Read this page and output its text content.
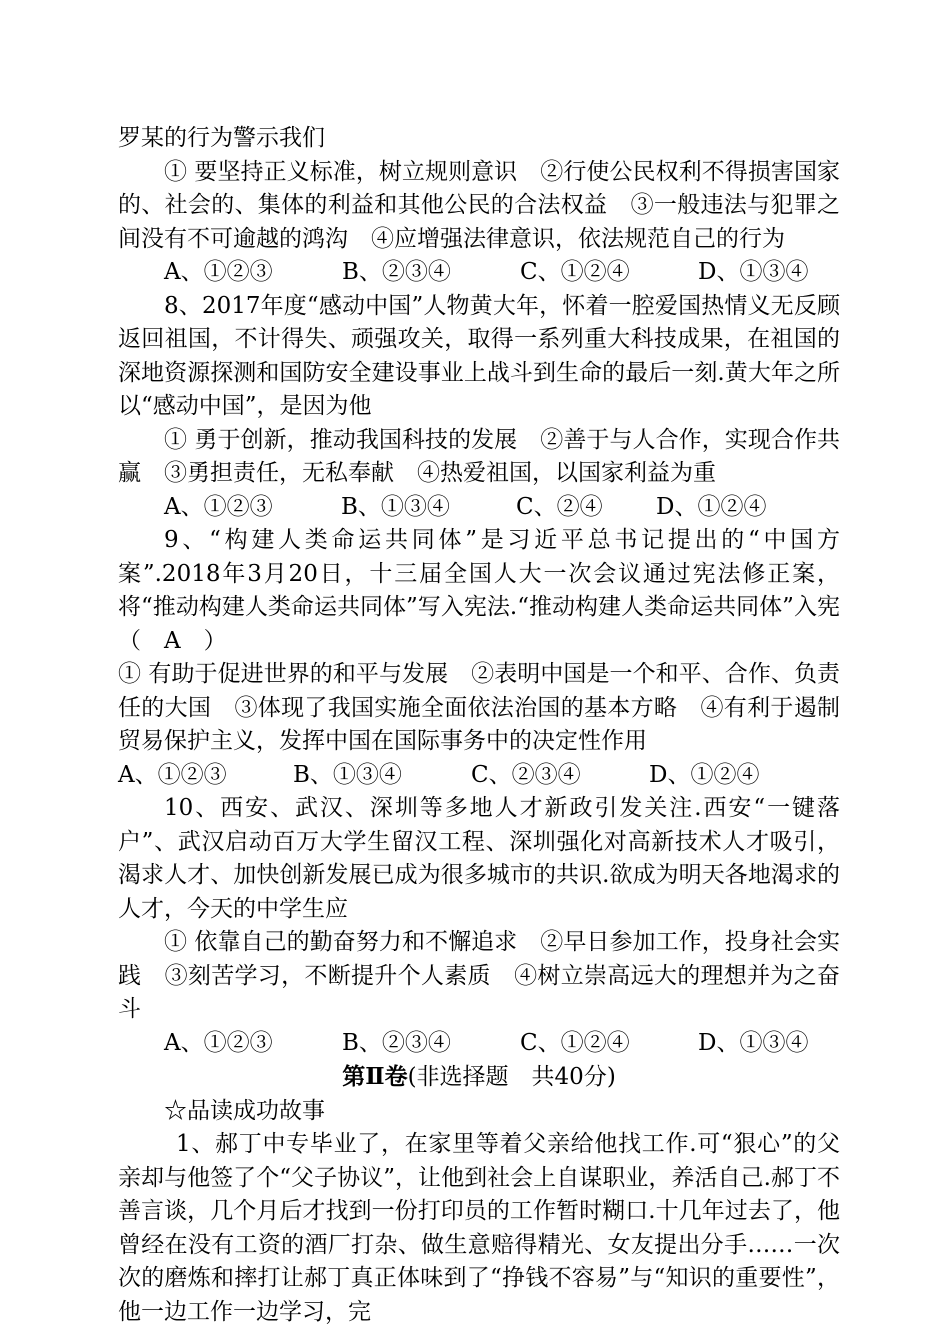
罗某的行为警示我们

① 要坚持正义标准，树立规则意识　②行使公民权利不得损害国家的、社会的、集体的利益和其他公民的合法权益　③一般违法与犯罪之间没有不可逾越的鸿沟　④应增强法律意识，依法规范自己的行为

A、①②③	B、②③④	C、①②④	D、①③④

8、2017年度“感动中国”人物黄大年，怀着一腔爱国热情义无反顾返回祖国，不计得失、顽强攻关，取得一系列重大科技成果，在祖国的深地资源探测和国防安全建设事业上战斗到生命的最后一刻.黄大年之所以“感动中国”，是因为他

① 勇于创新，推动我国科技的发展　②善于与人合作，实现合作共赢　③勇担责任，无私奉献　④热爱祖国，以国家利益为重

A、①②③	B、①③④	C、②④	D、①②④

9、“构建人类命运共同体”是习近平总书记提出的“中国方案”.2018年3月20日，十三届全国人大一次会议通过宪法修正案，将“推动构建人类命运共同体”写入宪法.“推动构建人类命运共同体”入宪（　A　）

① 有助于促进世界的和平与发展　②表明中国是一个和平、合作、负责任的大国　③体现了我国实施全面依法治国的基本方略　④有利于遏制贸易保护主义，发挥中国在国际事务中的决定性作用

A、①②③	B、①③④	C、②③④	D、①②④

10、西安、武汉、深圳等多地人才新政引发关注.西安“一键落户”、武汉启动百万大学生留汉工程、深圳强化对高新技术人才吸引，渴求人才、加快创新发展已成为很多城市的共识.欲成为明天各地渴求的人才，今天的中学生应

① 依靠自己的勤奋努力和不懈追求　②早日参加工作，投身社会实践　③刻苦学习，不断提升个人素质　④树立崇高远大的理想并为之奋斗

A、①②③	B、②③④	C、①②④	D、①③④

第Ⅱ卷(非选择题　共40分)

☆品读成功故事

1、郝丁中专毕业了，在家里等着父亲给他找工作.可“狠心”的父亲却与他签了个“父子协议”，让他到社会上自谋职业，养活自己.郝丁不善言谈，几个月后才找到一份打印员的工作暂时糊口.十几年过去了，他曾经在没有工资的酒厂打杂、做生意赔得精光、女友提出分手……一次次的磨炼和摔打让郝丁真正体味到了“挣钱不容易”与“知识的重要性”，他一边工作一边学习，完
